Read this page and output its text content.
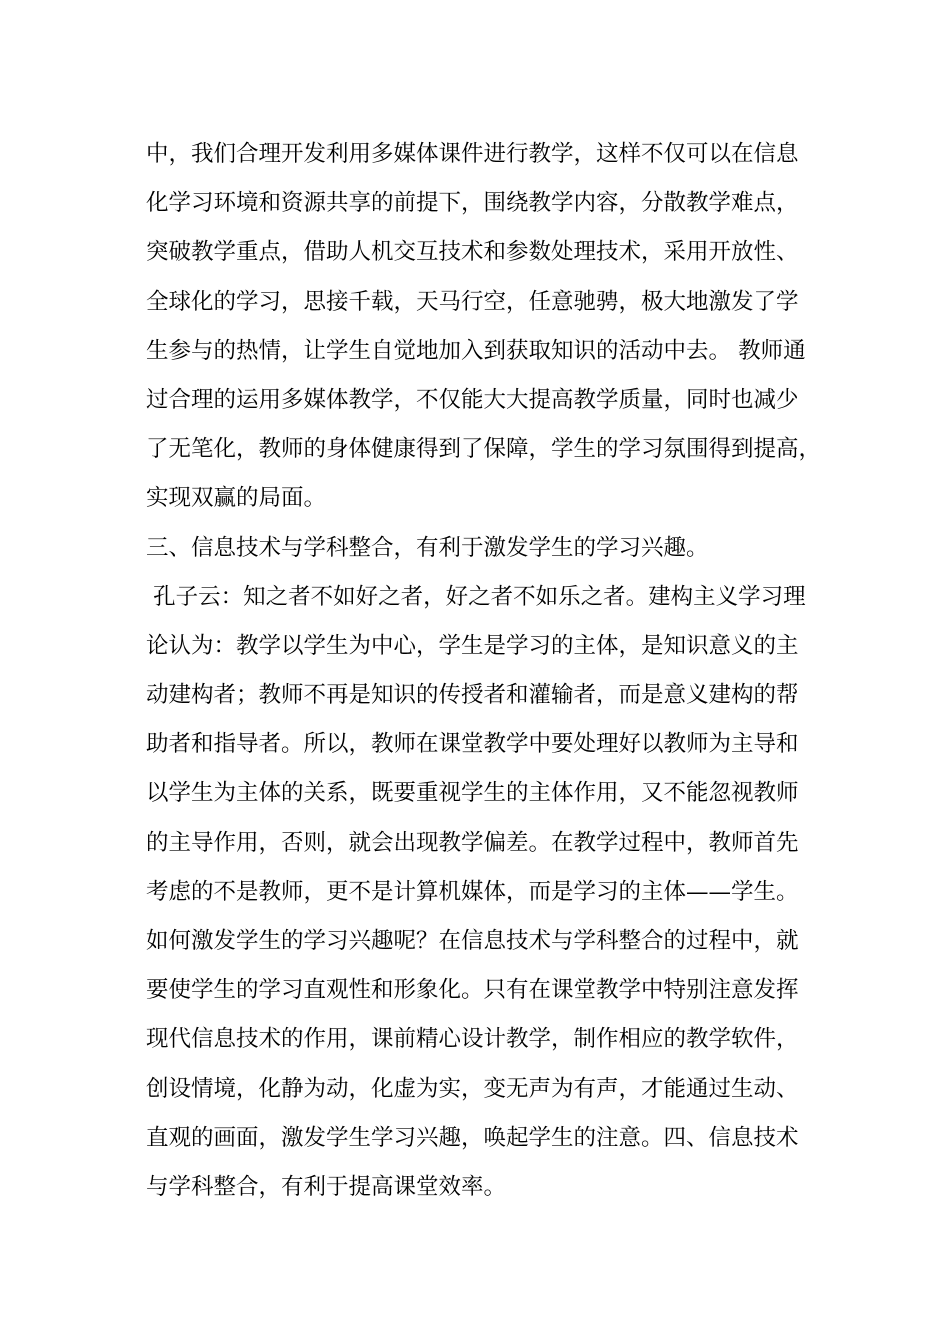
中，我们合理开发利用多媒体课件进行教学，这样不仅可以在信息
化学习环境和资源共享的前提下，围绕教学内容，分散教学难点，
突破教学重点，借助人机交互技术和参数处理技术，采用开放性、
全球化的学习，思接千载，天马行空，任意驰骋，极大地激发了学
生参与的热情，让学生自觉地加入到获取知识的活动中去。 教师通
过合理的运用多媒体教学，不仅能大大提高教学质量，同时也减少
了无笔化，教师的身体健康得到了保障，学生的学习氛围得到提高，
实现双赢的局面。
三、信息技术与学科整合，有利于激发学生的学习兴趣。
孔子云：知之者不如好之者，好之者不如乐之者。建构主义学习理
论认为：教学以学生为中心，学生是学习的主体，是知识意义的主
动建构者；教师不再是知识的传授者和灌输者，而是意义建构的帮
助者和指导者。所以，教师在课堂教学中要处理好以教师为主导和
以学生为主体的关系，既要重视学生的主体作用，又不能忽视教师
的主导作用，否则，就会出现教学偏差。在教学过程中，教师首先
考虑的不是教师，更不是计算机媒体，而是学习的主体——学生。
如何激发学生的学习兴趣呢？在信息技术与学科整合的过程中，就
要使学生的学习直观性和形象化。只有在课堂教学中特别注意发挥
现代信息技术的作用，课前精心设计教学，制作相应的教学软件，
创设情境，化静为动，化虚为实，变无声为有声，才能通过生动、
直观的画面，激发学生学习兴趣，唤起学生的注意。四、信息技术
与学科整合，有利于提高课堂效率。
